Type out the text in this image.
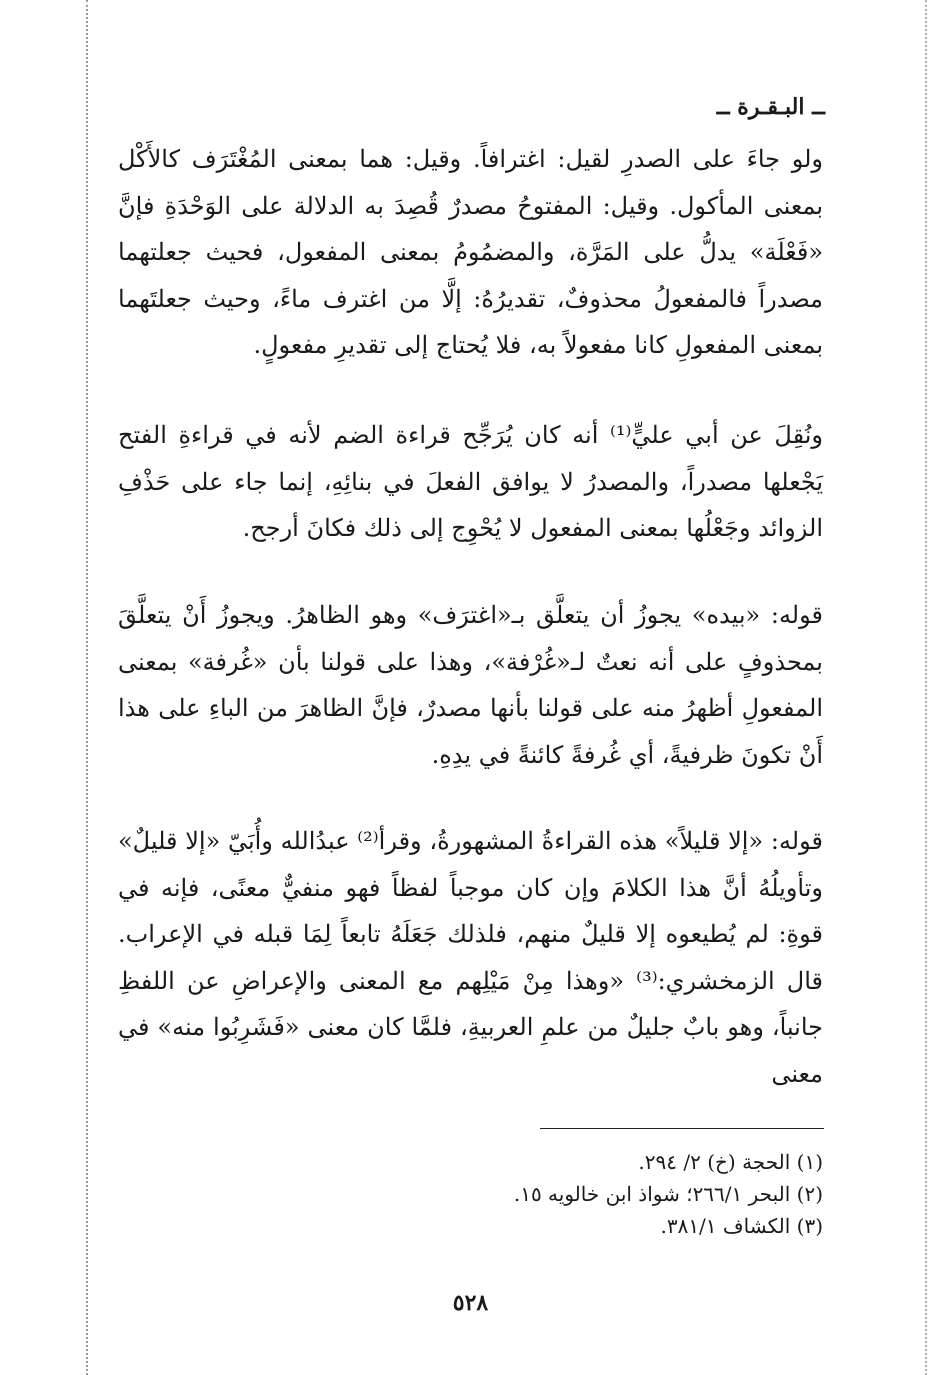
ــ البـقـرة ــ

ولو جاءَ على الصدرِ لقيل: اغترافاً. وقيل: هما بمعنى المُغْتَرَف كالأَكْل بمعنى المأكول. وقيل: المفتوحُ مصدرٌ قُصِدَ به الدلالة على الوَحْدَةِ فإنَّ «فَعْلَة» يدلُّ على المَرَّة، والمضمُومُ بمعنى المفعول، فحيث جعلتهما مصدراً فالمفعولُ محذوفٌ، تقديرُهُ: إلَّا من اغترف ماءً، وحيث جعلتَهما بمعنى المفعولِ كانا مفعولاً به، فلا يُحتاج إلى تقديرِ مفعولٍ.

ونُقِلَ عن أبي عليٍّ⁽¹⁾ أنه كان يُرَجِّح قراءة الضم لأنه في قراءةِ الفتح يَجْعلها مصدراً، والمصدرُ لا يوافق الفعلَ في بنائِهِ، إنما جاء على حَذْفِ الزوائد وجَعْلُها بمعنى المفعول لا يُحْوِج إلى ذلك فكانَ أرجح.

قوله: «بيده» يجوزُ أن يتعلَّق بـ«اغترَف» وهو الظاهرُ. ويجوزُ أَنْ يتعلَّقَ بمحذوفٍ على أنه نعتٌ لـ«غُرْفة»، وهذا على قولنا بأن «غُرفة» بمعنى المفعولِ أظهرُ منه على قولنا بأنها مصدرٌ، فإنَّ الظاهرَ من الباءِ على هذا أَنْ تكونَ ظرفيةً، أي غُرفةً كائنةً في يدِهِ.

قوله: «إلا قليلاً» هذه القراءةُ المشهورةُ، وقرأ⁽²⁾ عبدُالله وأُبَيّ «إلا قليلٌ» وتأويلُهُ أنَّ هذا الكلامَ وإن كان موجباً لفظاً فهو منفيٌّ معنًى، فإنه في قوةِ: لم يُطيعوه إلا قليلٌ منهم، فلذلك جَعَلَهُ تابعاً لِمَا قبله في الإعراب. قال الزمخشري:⁽³⁾ «وهذا مِنْ مَيْلِهم مع المعنى والإعراضِ عن اللفظِ جانباً، وهو بابٌ جليلٌ من علمِ العربيةِ، فلمَّا كان معنى «فَشَرِبُوا منه» في معنى

(١) الحجة (خ) ٢/ ٢٩٤.

(٢) البحر ٢٦٦/١؛ شواذ ابن خالويه ١٥.

(٣) الكشاف ٣٨١/١.

٥٢٨
